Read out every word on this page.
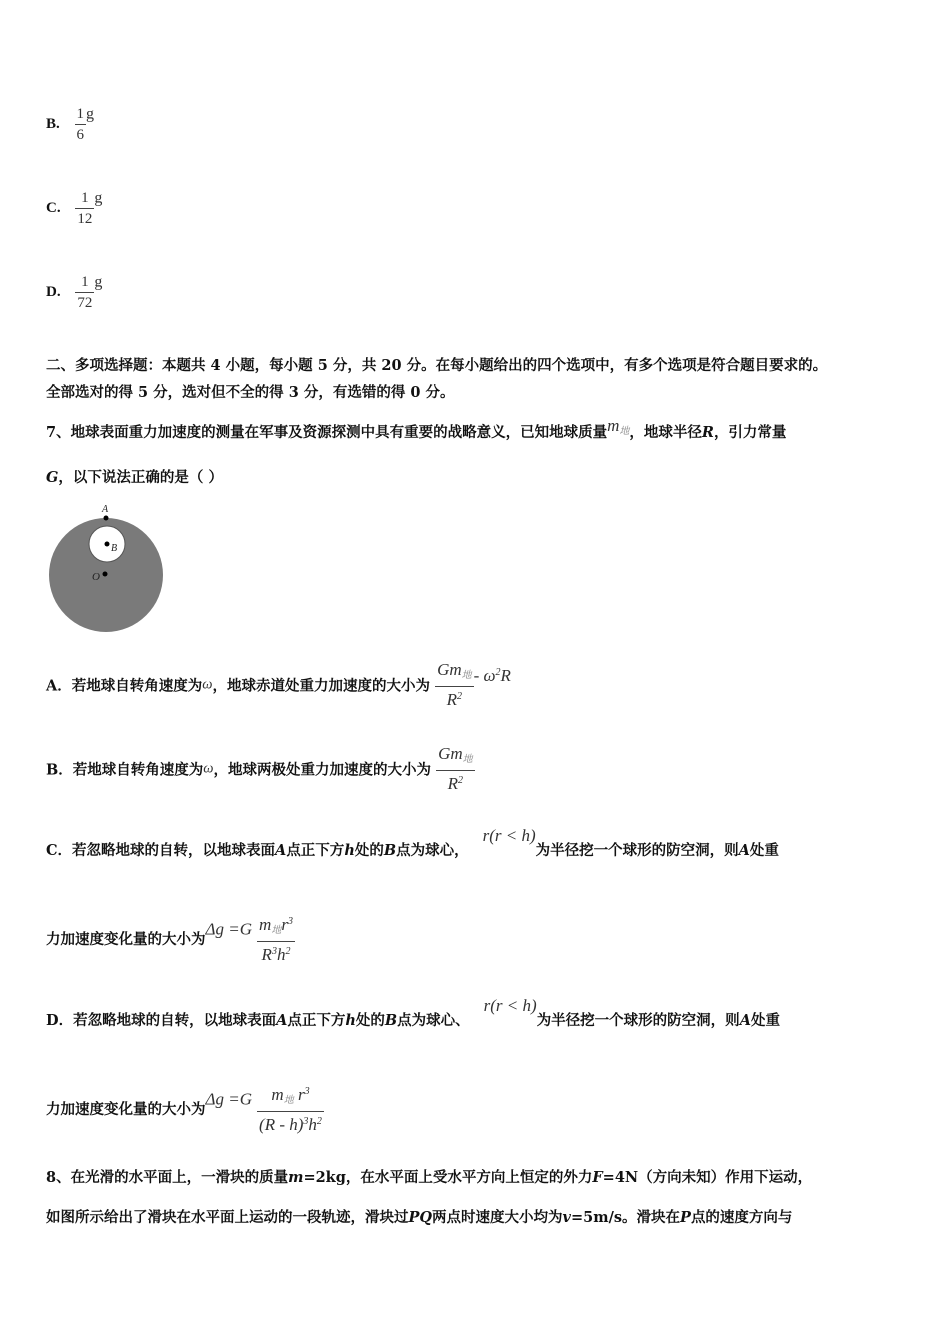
B. $\frac{1}{6}$ g
C. $\frac{1}{12}$ g
D. $\frac{1}{72}$ g
二、多项选择题：本题共 4 小题，每小题 5 分，共 20 分。在每小题给出的四个选项中，有多个选项是符合题目要求的。
全部选对的得 5 分，选对但不全的得 3 分，有选错的得 0 分。
7、地球表面重力加速度的测量在军事及资源探测中具有重要的战略意义，已知地球质量$m_地$，地球半径R，引力常量
G，以下说法正确的是（ ）
A
B
O
A．若地球自转角速度为ω，地球赤道处重力加速度的大小为 $\frac{Gm_地}{R^2} - \omega^2R$
B．若地球自转角速度为ω，地球两极处重力加速度的大小为 $\frac{Gm_地}{R^2}$
C．若忽略地球的自转，以地球表面A点正下方h处的B点为球心，r(r < h)为半径挖一个球形的防空洞，则A处重
力加速度变化量的大小为$\Delta g =G \frac{m_地r^3}{R^3h^2}$
D．若忽略地球的自转，以地球表面A点正下方h处的B点为球心、r(r < h)为半径挖一个球形的防空洞，则A处重
力加速度变化量的大小为$\Delta g =G \frac{m_地 r^3}{(R - h)^3h^2}$
8、在光滑的水平面上，一滑块的质量m=2kg，在水平面上受水平方向上恒定的外力F=4N（方向未知）作用下运动，
如图所示给出了滑块在水平面上运动的一段轨迹，滑块过PQ两点时速度大小均为v=5m/s。滑块在P点的速度方向与
